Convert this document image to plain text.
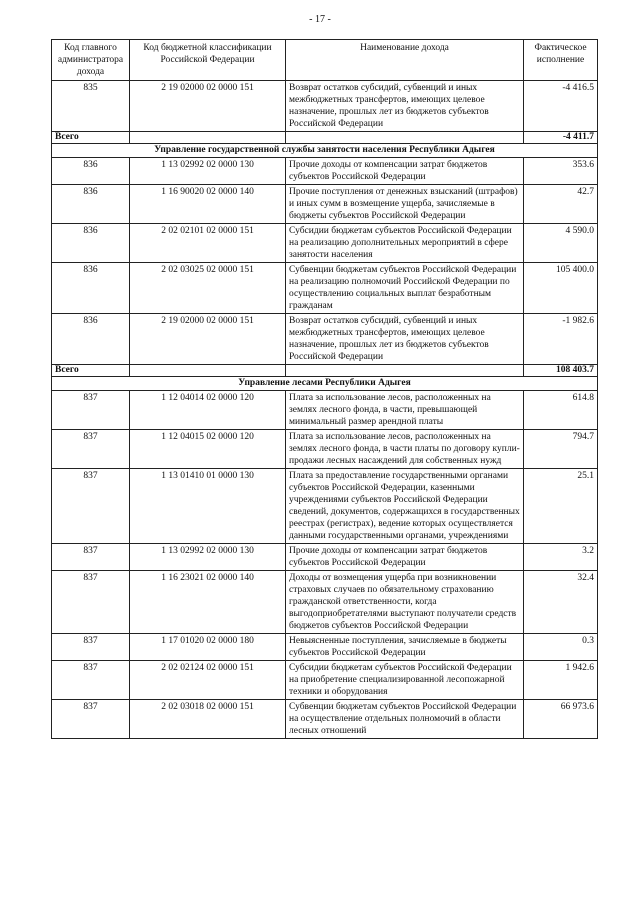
- 17 -
Код главного администратора дохода	Код бюджетной классификации Российской Федерации	Наименование дохода	Фактическое исполнение
835	2 19 02000 02 0000 151	Возврат остатков субсидий, субвенций и иных межбюджетных трансфертов, имеющих целевое назначение, прошлых лет из бюджетов субъектов Российской Федерации	-4 416.5
Всего			-4 411.7
Управление государственной службы занятости населения Республики Адыгея			
836	1 13 02992 02 0000 130	Прочие доходы от компенсации затрат бюджетов субъектов Российской Федерации	353.6
836	1 16 90020 02 0000 140	Прочие поступления от денежных взысканий (штрафов) и иных сумм в возмещение ущерба, зачисляемые в бюджеты субъектов Российской Федерации	42.7
836	2 02 02101 02 0000 151	Субсидии бюджетам субъектов Российской Федерации на реализацию дополнительных мероприятий в сфере занятости населения	4 590.0
836	2 02 03025 02 0000 151	Субвенции бюджетам субъектов Российской Федерации на реализацию полномочий Российской Федерации по осуществлению социальных выплат безработным гражданам	105 400.0
836	2 19 02000 02 0000 151	Возврат остатков субсидий, субвенций и иных межбюджетных трансфертов, имеющих целевое назначение, прошлых лет из бюджетов субъектов Российской Федерации	-1 982.6
Всего			108 403.7
Управление лесами Республики Адыгея			
837	1 12 04014 02 0000 120	Плата за использование лесов, расположенных на землях лесного фонда, в части, превышающей минимальный размер арендной платы	614.8
837	1 12 04015 02 0000 120	Плата за использование лесов, расположенных на землях лесного фонда, в части платы по договору купли-продажи лесных насаждений для собственных нужд	794.7
837	1 13 01410 01 0000 130	Плата за предоставление государственными органами субъектов Российской Федерации, казенными учреждениями субъектов Российской Федерации сведений, документов, содержащихся в государственных реестрах (регистрах), ведение которых осуществляется данными государственными органами, учреждениями	25.1
837	1 13 02992 02 0000 130	Прочие доходы от компенсации затрат бюджетов субъектов Российской Федерации	3.2
837	1 16 23021 02 0000 140	Доходы от возмещения ущерба при возникновении страховых случаев по обязательному страхованию гражданской ответственности, когда выгодоприобретателями выступают получатели средств бюджетов субъектов Российской Федерации	32.4
837	1 17 01020 02 0000 180	Невыясненные поступления, зачисляемые в бюджеты субъектов Российской Федерации	0.3
837	2 02 02124 02 0000 151	Субсидии бюджетам субъектов Российской Федерации на приобретение специализированной лесопожарной техники и оборудования	1 942.6
837	2 02 03018 02 0000 151	Субвенции бюджетам субъектов Российской Федерации на осуществление отдельных полномочий в области лесных отношений	66 973.6
